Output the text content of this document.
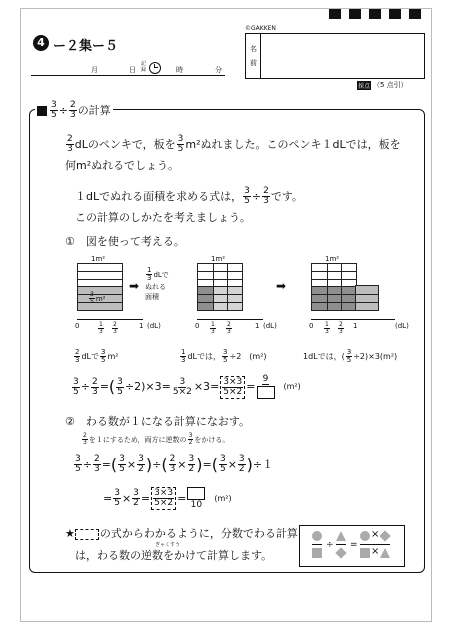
4 ー２集ー５
月	日
記録	時	分
©GAKKEN
名
前
採点 （5 点引）
$\frac{3}{5} \div \frac{2}{3}$ の計算
$\frac{2}{3}$ dLのペンキで，板を $\frac{3}{5} m^2$ぬれました。このペンキ１dLでは，板を
何m²ぬれるでしょう。
１dLでぬれる面積を求める式は， $\frac{3}{5} \div \frac{2}{3}$ です。
この計算のしかたを考えましょう。
①　 図を使って考える。
1m²
$\frac{3}{5} m^2$
➡
1m²
$\frac{1}{3}$ dLで
ぬれる
面積
➡
1m²
0	$\frac{1}{3} \frac{2}{3}$	1 (dL)	$0 \frac{1}{3} \frac{2}{3}$	1 (dL)	$0 \frac{1}{3} \frac{2}{3} 1$	(dL)
$\frac{2}{3}$ dLで $\frac{3}{5} m^2$	$\frac{1}{3}$ dLでは， $\frac{3}{5} \div 2$　(m²)	1dLでは， ( $\frac{3}{5} \div 2)\times 3(m^2)$
$\frac{3}{5} \div \frac{2}{3}$ = ( $\frac{3}{5} \div 2)\times 3 = \frac{3}{5\times 2} \times 3 = \frac{3\times 3}{5\times 2}$ =
9
(m²)
②　 わる数が１になる計算になおす。
$\frac{2}{3}$ を１にするため，両方に逆数の $\frac{3}{2}$ をかける。
$\frac{3}{5} \div \frac{2}{3}$ = ( $\frac{3}{5} \times \frac{3}{2}$ ) ÷ ( $\frac{2}{3} \times \frac{3}{2}$ ) = ( $\frac{3}{5} \times \frac{3}{2}$ ) ÷１
= $\frac{3}{5} \times \frac{3}{2} = \frac{3\times 3}{5\times 2}$ =
10
(m²)
★ の式からわかるように，分数でわる計算
ぎゃくすう
は，わる数の逆数をかけて計算します。
÷ =
×
×
